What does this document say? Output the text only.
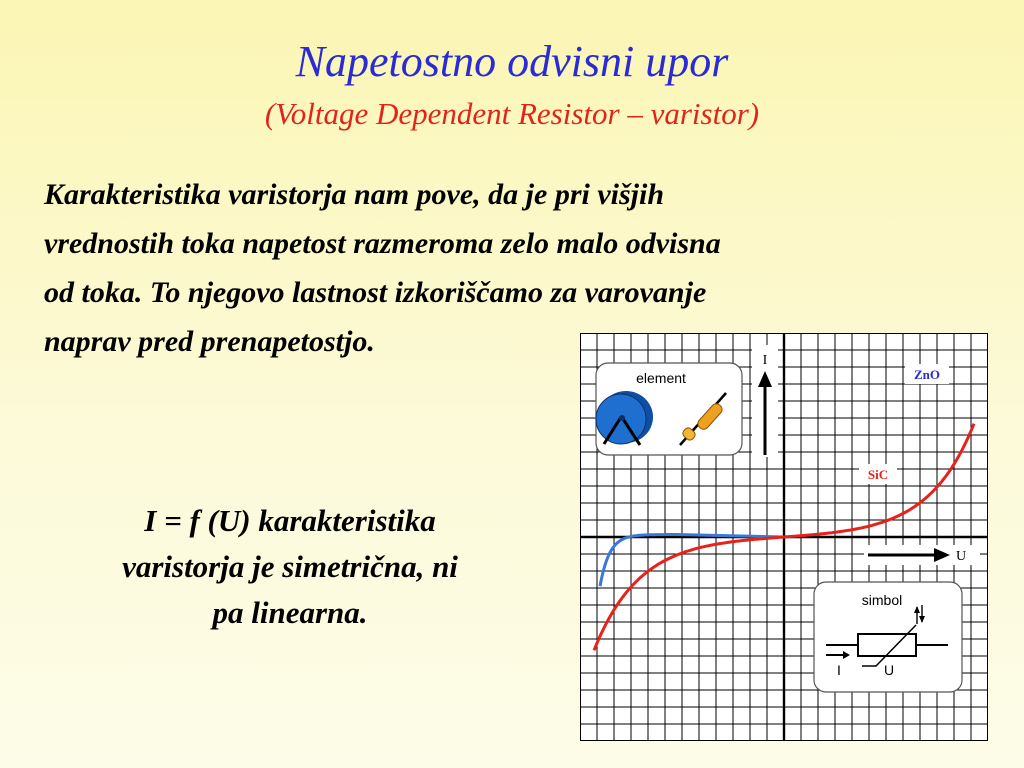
Napetostno odvisni upor
(Voltage Dependent Resistor – varistor)
Karakteristika varistorja nam pove, da je pri višjih
vrednostih toka napetost razmeroma zelo malo odvisna
od toka. To njegovo lastnost izkoriščamo za varovanje
naprav pred prenapetostjo.
I = f (U) karakteristika
varistorja je simetrična, ni
pa linearna.
I
U
ZnO
SiC
element
simbol
I	U
